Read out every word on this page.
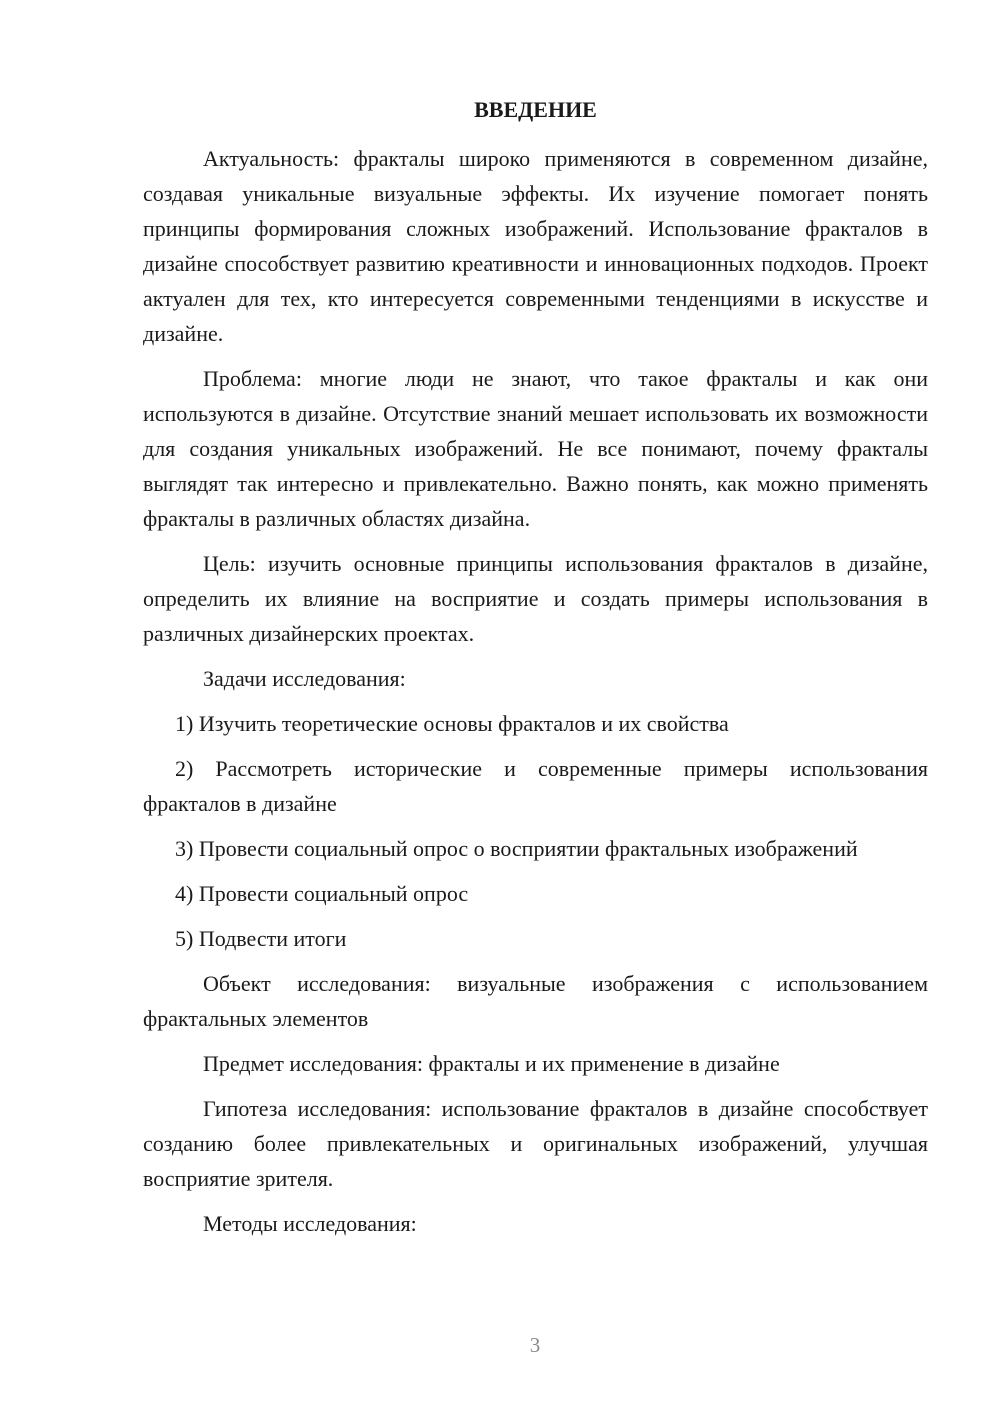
ВВЕДЕНИЕ

Актуальность: фракталы широко применяются в современном дизайне, создавая уникальные визуальные эффекты. Их изучение помогает понять принципы формирования сложных изображений. Использование фракталов в дизайне способствует развитию креативности и инновационных подходов. Проект актуален для тех, кто интересуется современными тенденциями в искусстве и дизайне.

Проблема: многие люди не знают, что такое фракталы и как они используются в дизайне. Отсутствие знаний мешает использовать их возможности для создания уникальных изображений. Не все понимают, почему фракталы выглядят так интересно и привлекательно. Важно понять, как можно применять фракталы в различных областях дизайна.

Цель: изучить основные принципы использования фракталов в дизайне, определить их влияние на восприятие и создать примеры использования в различных дизайнерских проектах.

Задачи исследования:

1) Изучить теоретические основы фракталов и их свойства

2) Рассмотреть исторические и современные примеры использования фракталов в дизайне

3) Провести социальный опрос о восприятии фрактальных изображений

4) Провести социальный опрос

5) Подвести итоги

Объект исследования: визуальные изображения с использованием фрактальных элементов

Предмет исследования: фракталы и их применение в дизайне

Гипотеза исследования: использование фракталов в дизайне способствует созданию более привлекательных и оригинальных изображений, улучшая восприятие зрителя.

Методы исследования:

3
